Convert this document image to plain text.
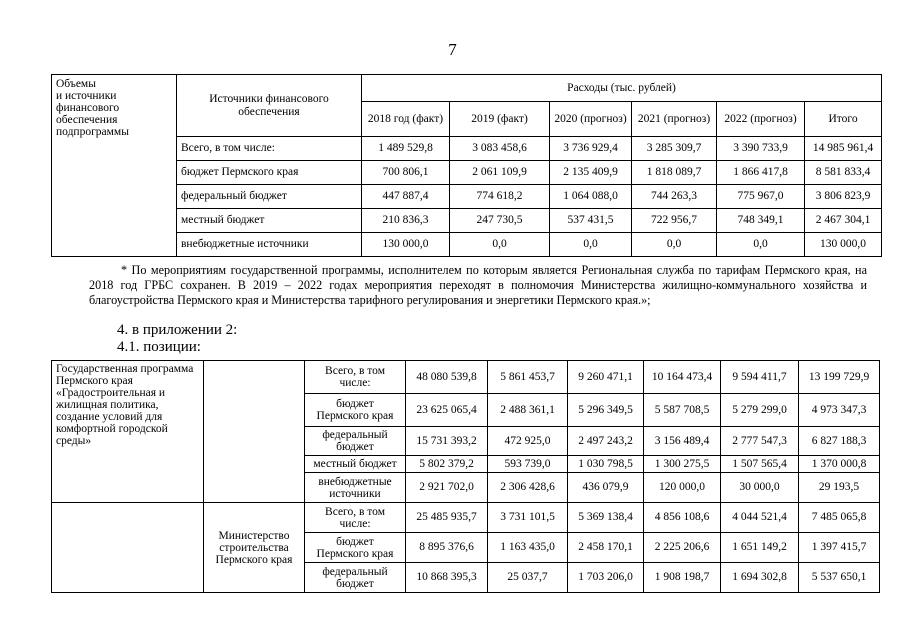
7
Объемы
и источники
финансового
обеспечения
подпрограммы	Источники финансового обеспечения	Расходы (тыс. рублей)					
		2018 год (факт)	2019 (факт)	2020 (прогноз)	2021 (прогноз)	2022 (прогноз)	Итого
	Всего, в том числе:	1 489 529,8	3 083 458,6	3 736 929,4	3 285 309,7	3 390 733,9	14 985 961,4
	бюджет Пермского края	700 806,1	2 061 109,9	2 135 409,9	1 818 089,7	1 866 417,8	8 581 833,4
	федеральный бюджет	447 887,4	774 618,2	1 064 088,0	744 263,3	775 967,0	3 806 823,9
	местный бюджет	210 836,3	247 730,5	537 431,5	722 956,7	748 349,1	2 467 304,1
	внебюджетные источники	130 000,0	0,0	0,0	0,0	0,0	130 000,0
* По мероприятиям государственной программы, исполнителем по которым является Региональная служба по тарифам Пермского края, на 2018 год ГРБС сохранен. В 2019 – 2022 годах мероприятия переходят в полномочия Министерства жилищно-коммунального хозяйства и благоустройства Пермского края и Министерства тарифного регулирования и энергетики Пермского края.»;
4. в приложении 2:
4.1. позиции:
Государственная программа Пермского края «Градостроительная и жилищная политика, создание условий для комфортной городской среды»		Всего, в том числе:	48 080 539,8	5 861 453,7	9 260 471,1	10 164 473,4	9 594 411,7	13 199 729,9
		бюджет Пермского края	23 625 065,4	2 488 361,1	5 296 349,5	5 587 708,5	5 279 299,0	4 973 347,3
		федеральный бюджет	15 731 393,2	472 925,0	2 497 243,2	3 156 489,4	2 777 547,3	6 827 188,3
		местный бюджет	5 802 379,2	593 739,0	1 030 798,5	1 300 275,5	1 507 565,4	1 370 000,8
		внебюджетные источники	2 921 702,0	2 306 428,6	436 079,9	120 000,0	30 000,0	29 193,5
	Министерство строительства Пермского края	Всего, в том числе:	25 485 935,7	3 731 101,5	5 369 138,4	4 856 108,6	4 044 521,4	7 485 065,8
		бюджет Пермского края	8 895 376,6	1 163 435,0	2 458 170,1	2 225 206,6	1 651 149,2	1 397 415,7
		федеральный бюджет	10 868 395,3	25 037,7	1 703 206,0	1 908 198,7	1 694 302,8	5 537 650,1
